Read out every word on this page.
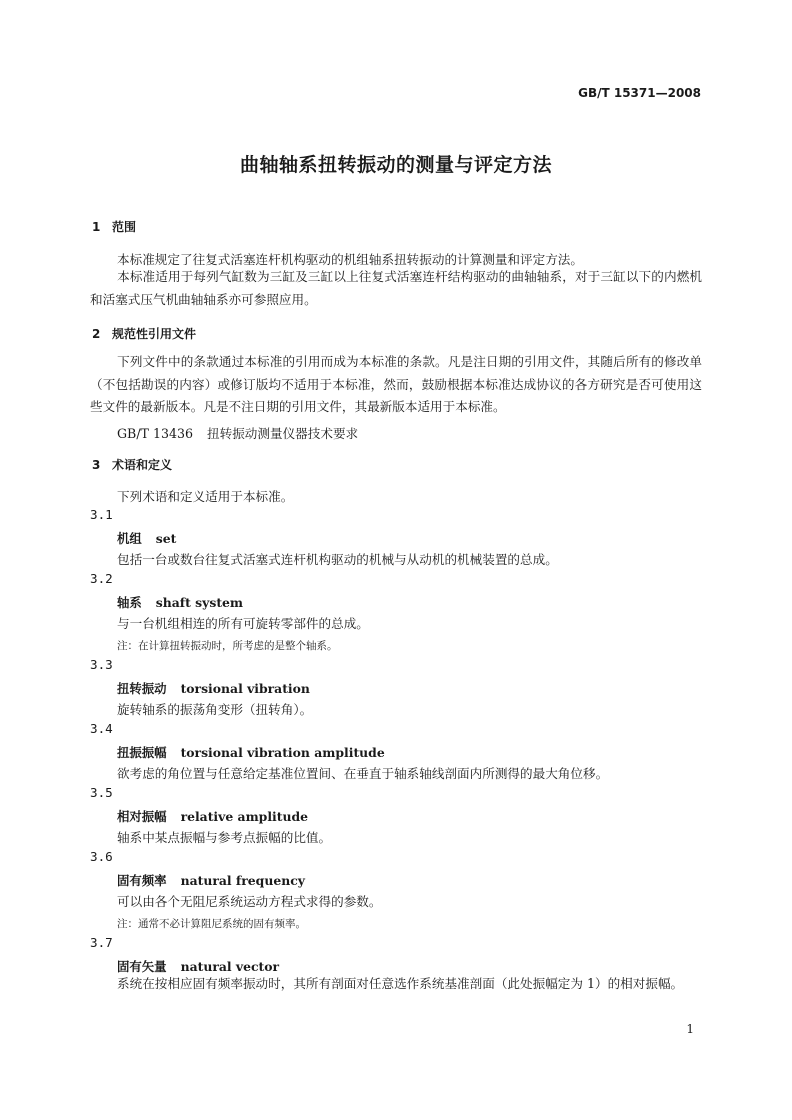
GB/T 15371—2008
曲轴轴系扭转振动的测量与评定方法
1 范围
本标准规定了往复式活塞连杆机构驱动的机组轴系扭转振动的计算测量和评定方法。
本标准适用于每列气缸数为三缸及三缸以上往复式活塞连杆结构驱动的曲轴轴系，对于三缸以下的内燃机和活塞式压气机曲轴轴系亦可参照应用。
2 规范性引用文件
下列文件中的条款通过本标准的引用而成为本标准的条款。凡是注日期的引用文件，其随后所有的修改单（不包括勘误的内容）或修订版均不适用于本标准，然而，鼓励根据本标准达成协议的各方研究是否可使用这些文件的最新版本。凡是不注日期的引用文件，其最新版本适用于本标准。
GB/T 13436 扭转振动测量仪器技术要求
3 术语和定义
下列术语和定义适用于本标准。
3.1
机组 set
包括一台或数台往复式活塞式连杆机构驱动的机械与从动机的机械装置的总成。
3.2
轴系 shaft system
与一台机组相连的所有可旋转零部件的总成。
注：在计算扭转振动时，所考虑的是整个轴系。
3.3
扭转振动 torsional vibration
旋转轴系的振荡角变形（扭转角）。
3.4
扭振振幅 torsional vibration amplitude
欲考虑的角位置与任意给定基准位置间、在垂直于轴系轴线剖面内所测得的最大角位移。
3.5
相对振幅 relative amplitude
轴系中某点振幅与参考点振幅的比值。
3.6
固有频率 natural frequency
可以由各个无阻尼系统运动方程式求得的参数。
注：通常不必计算阻尼系统的固有频率。
3.7
固有矢量 natural vector
系统在按相应固有频率振动时，其所有剖面对任意选作系统基准剖面（此处振幅定为 1）的相对振幅。
1
